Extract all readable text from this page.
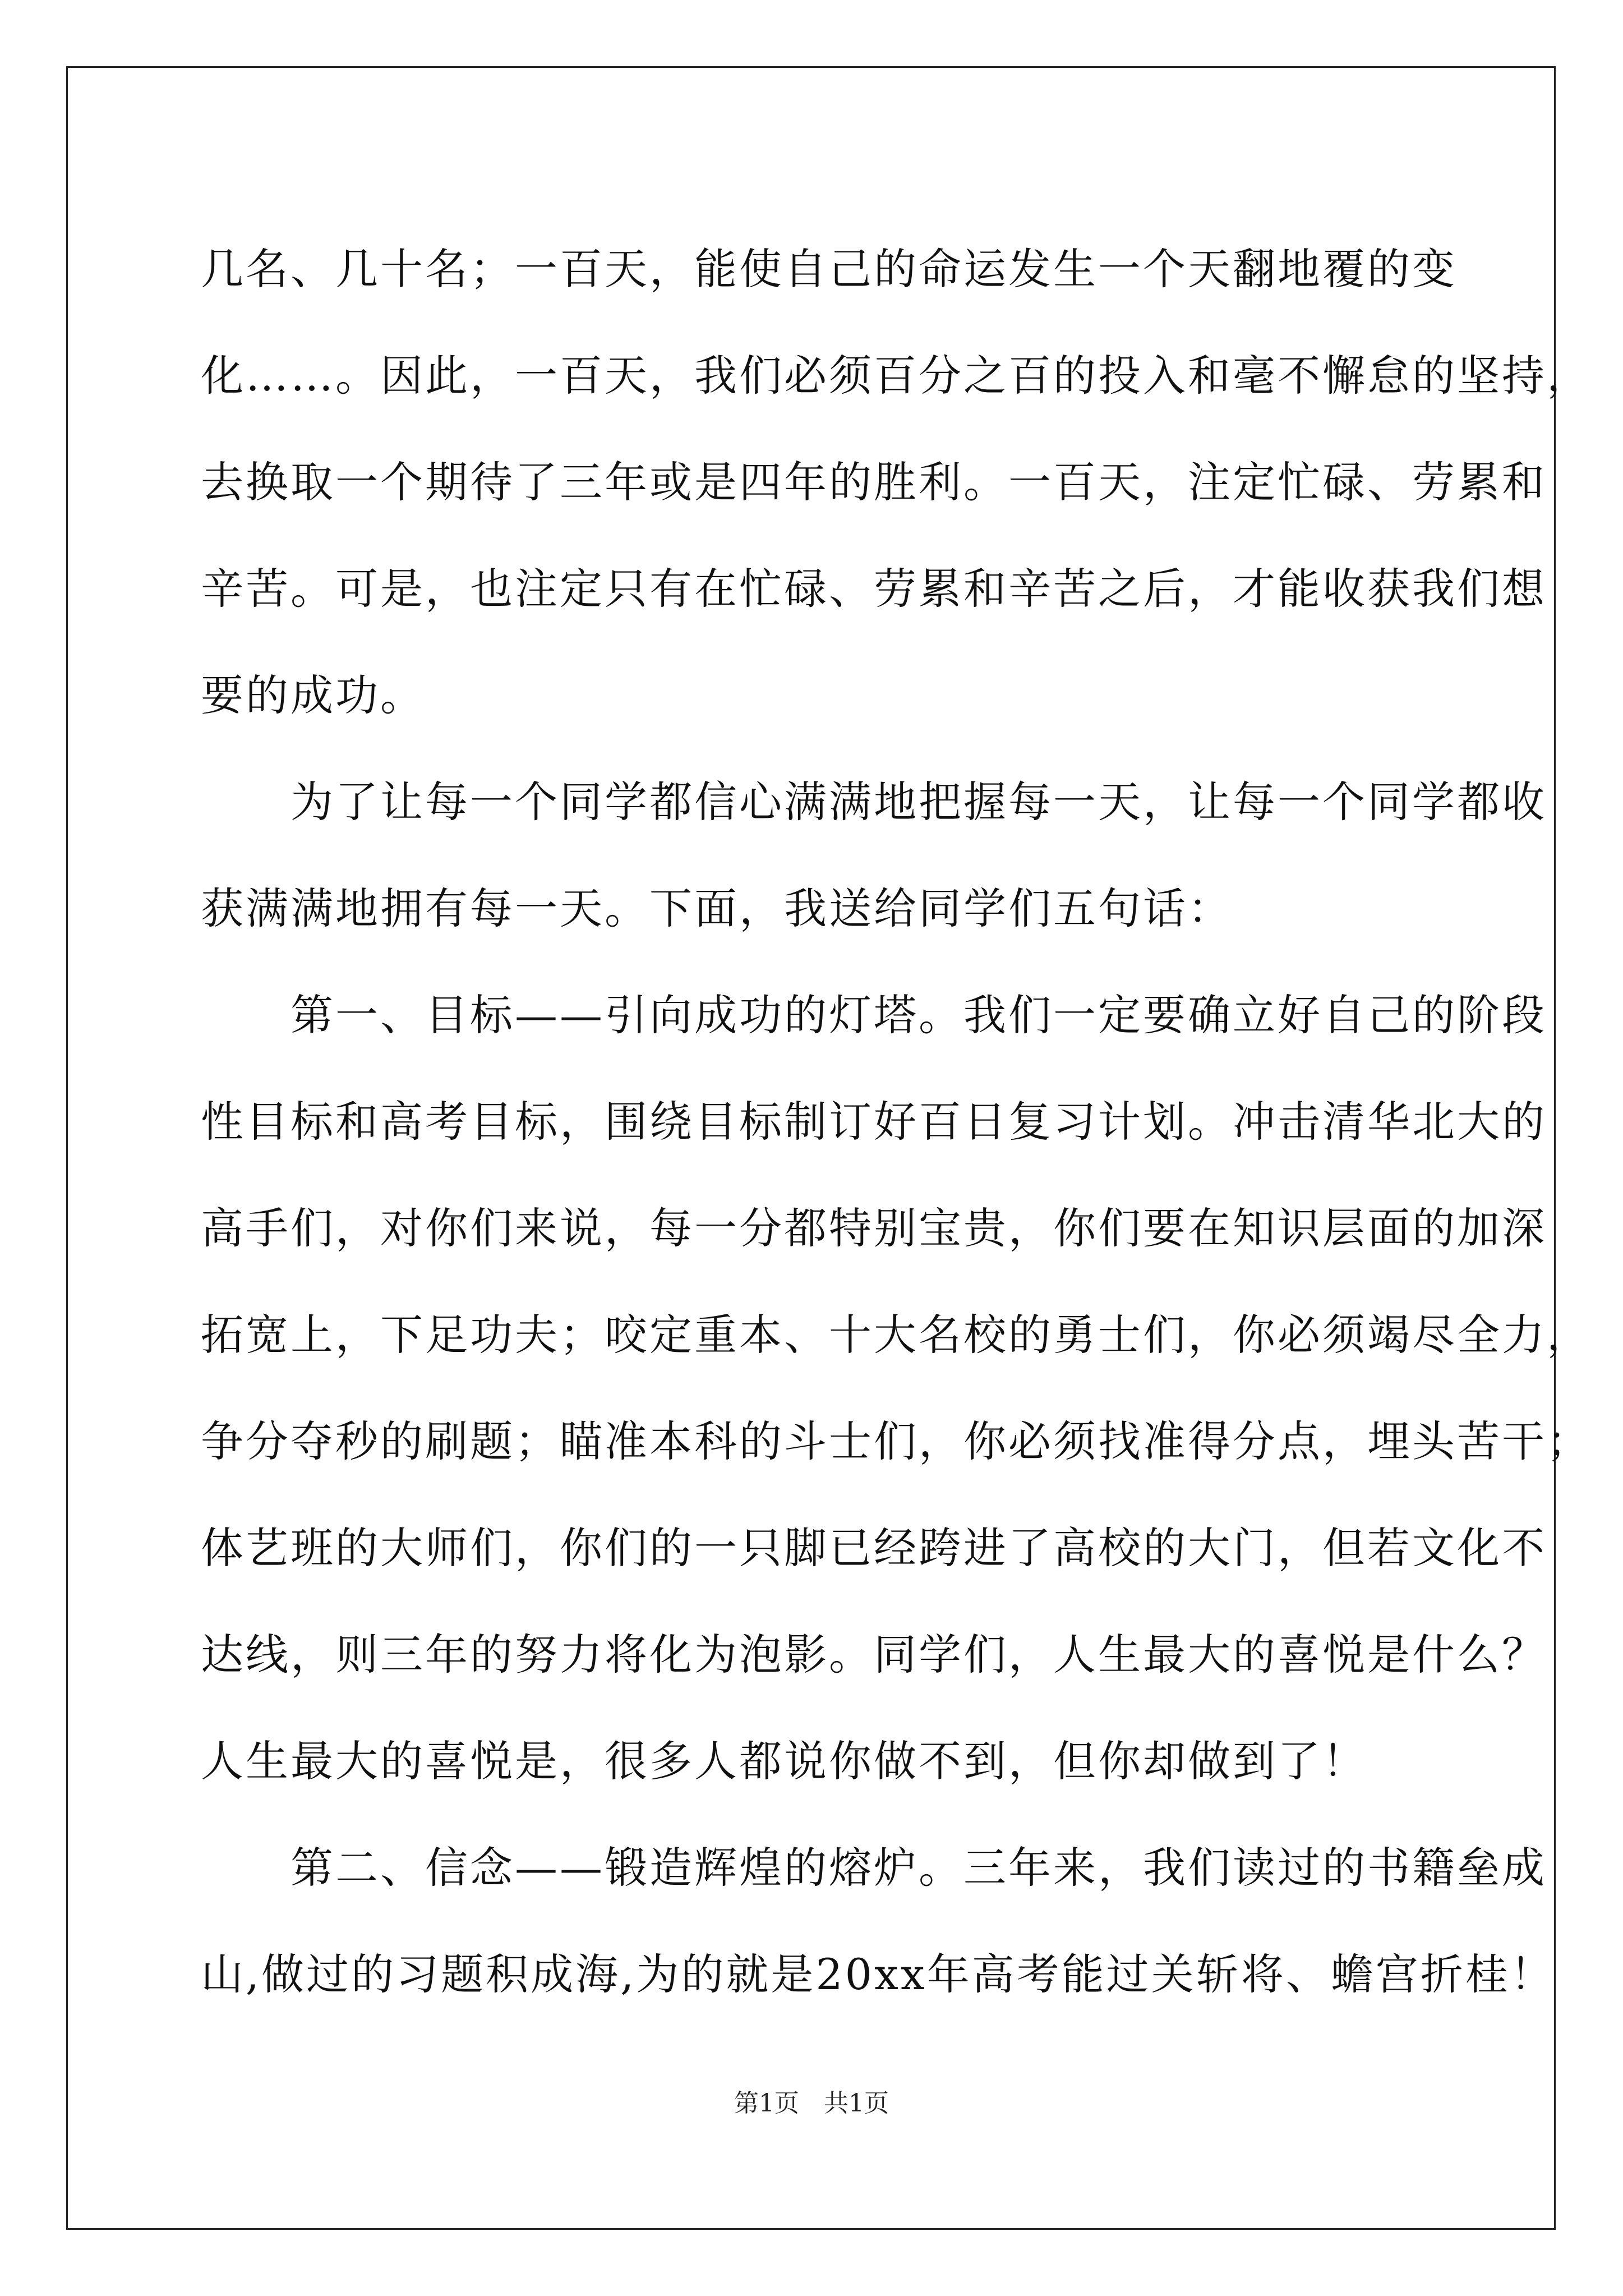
几名、几十名；一百天，能使自己的命运发生一个天翻地覆的变
化……。因此，一百天，我们必须百分之百的投入和毫不懈怠的坚持，
去换取一个期待了三年或是四年的胜利。一百天，注定忙碌、劳累和
辛苦。可是，也注定只有在忙碌、劳累和辛苦之后，才能收获我们想
要的成功。
　　为了让每一个同学都信心满满地把握每一天，让每一个同学都收
获满满地拥有每一天。下面，我送给同学们五句话：
　　第一、目标——引向成功的灯塔。我们一定要确立好自己的阶段
性目标和高考目标，围绕目标制订好百日复习计划。冲击清华北大的
高手们，对你们来说，每一分都特别宝贵，你们要在知识层面的加深
拓宽上，下足功夫；咬定重本、十大名校的勇士们，你必须竭尽全力，
争分夺秒的刷题；瞄准本科的斗士们，你必须找准得分点，埋头苦干；
体艺班的大师们，你们的一只脚已经跨进了高校的大门，但若文化不
达线，则三年的努力将化为泡影。同学们，人生最大的喜悦是什么？
人生最大的喜悦是，很多人都说你做不到，但你却做到了！
　　第二、信念——锻造辉煌的熔炉。三年来，我们读过的书籍垒成
山,做过的习题积成海,为的就是20xx年高考能过关斩将、蟾宫折桂！
第1页　共1页
